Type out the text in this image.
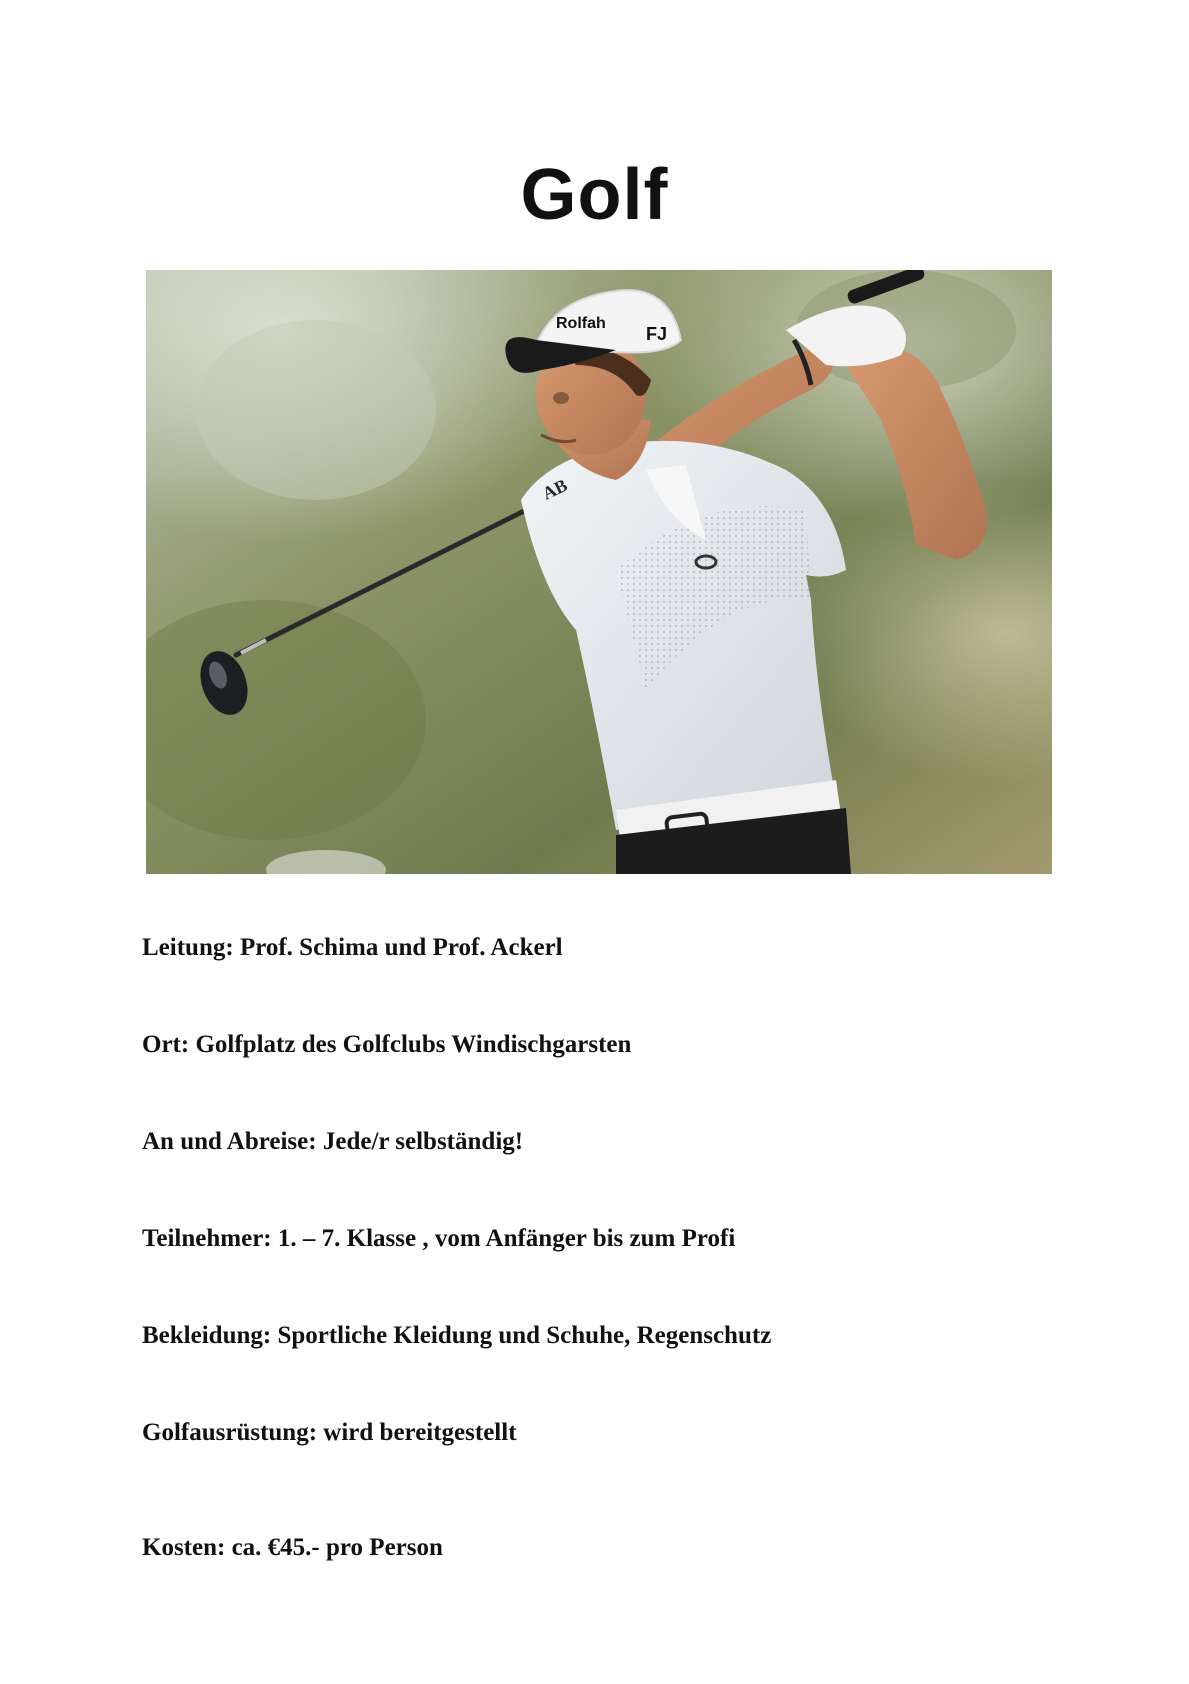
Golf
AB
Rolfah
FJ

Leitung: Prof. Schima und Prof. Ackerl

Ort: Golfplatz des Golfclubs Windischgarsten

An und Abreise: Jede/r selbständig!

Teilnehmer: 1. – 7. Klasse , vom Anfänger bis zum Profi

Bekleidung: Sportliche Kleidung und Schuhe, Regenschutz

Golfausrüstung: wird bereitgestellt

Kosten: ca. €45.- pro Person
